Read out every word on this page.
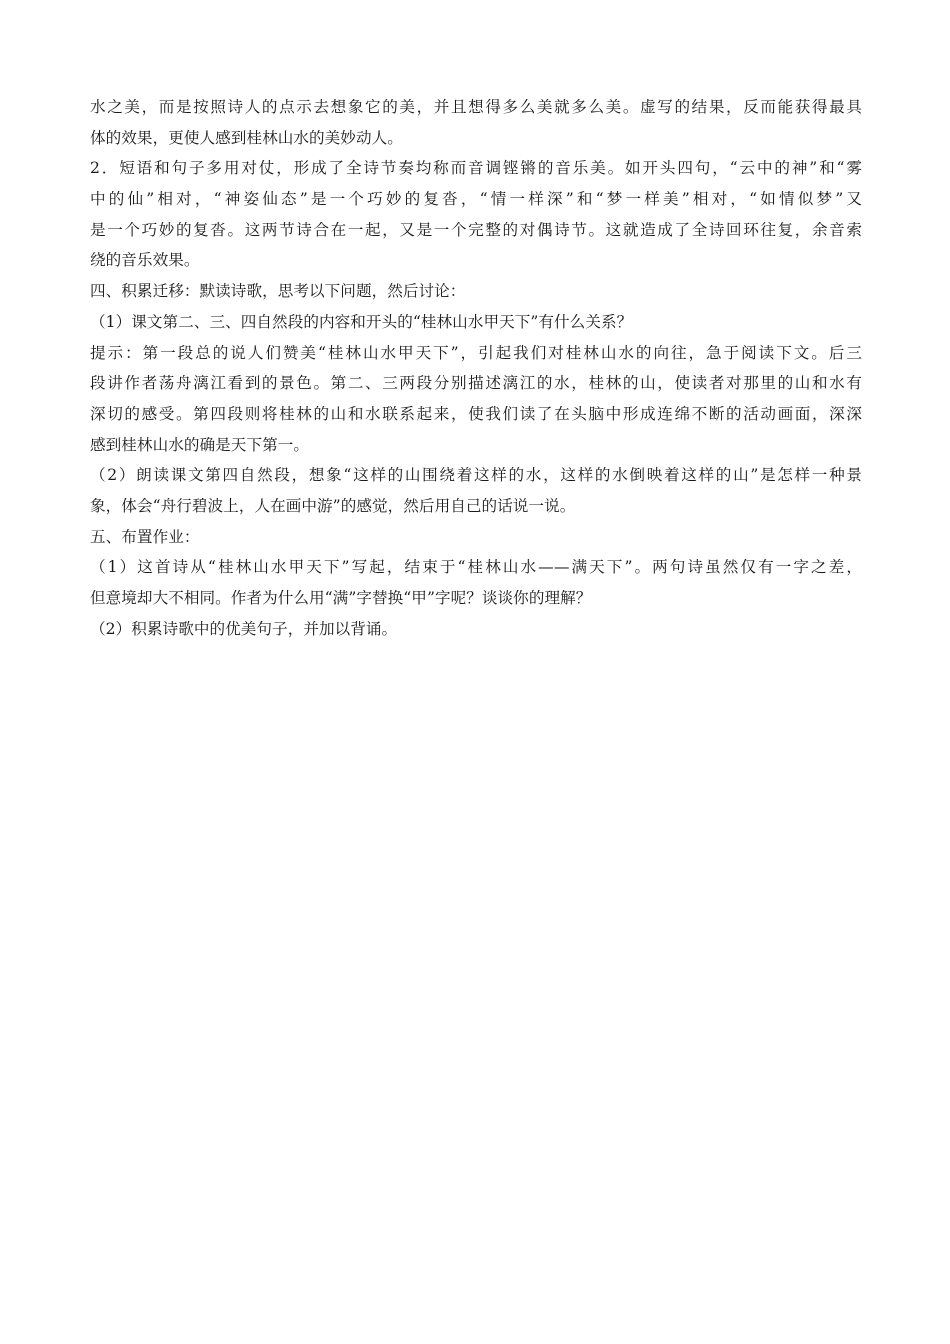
水之美，而是按照诗人的点示去想象它的美，并且想得多么美就多么美。虚写的结果，反而能获得最具
体的效果，更使人感到桂林山水的美妙动人。
2．短语和句子多用对仗，形成了全诗节奏均称而音调铿锵的音乐美。如开头四句，“云中的神”和“雾
中的仙”相对，“神姿仙态”是一个巧妙的复沓，“情一样深”和“梦一样美”相对，“如情似梦”又
是一个巧妙的复沓。这两节诗合在一起，又是一个完整的对偶诗节。这就造成了全诗回环往复，余音索
绕的音乐效果。
四、积累迁移：默读诗歌，思考以下问题，然后讨论：
（1）课文第二、三、四自然段的内容和开头的“桂林山水甲天下”有什么关系？
提示：第一段总的说人们赞美“桂林山水甲天下”，引起我们对桂林山水的向往，急于阅读下文。后三
段讲作者荡舟漓江看到的景色。第二、三两段分别描述漓江的水，桂林的山，使读者对那里的山和水有
深切的感受。第四段则将桂林的山和水联系起来，使我们读了在头脑中形成连绵不断的活动画面，深深
感到桂林山水的确是天下第一。
（2）朗读课文第四自然段，想象“这样的山围绕着这样的水，这样的水倒映着这样的山”是怎样一种景
象，体会“舟行碧波上，人在画中游”的感觉，然后用自己的话说一说。
五、布置作业：
（1）这首诗从“桂林山水甲天下”写起，结束于“桂林山水——满天下”。两句诗虽然仅有一字之差，
但意境却大不相同。作者为什么用“满”字替换“甲”字呢？谈谈你的理解？
（2）积累诗歌中的优美句子，并加以背诵。
